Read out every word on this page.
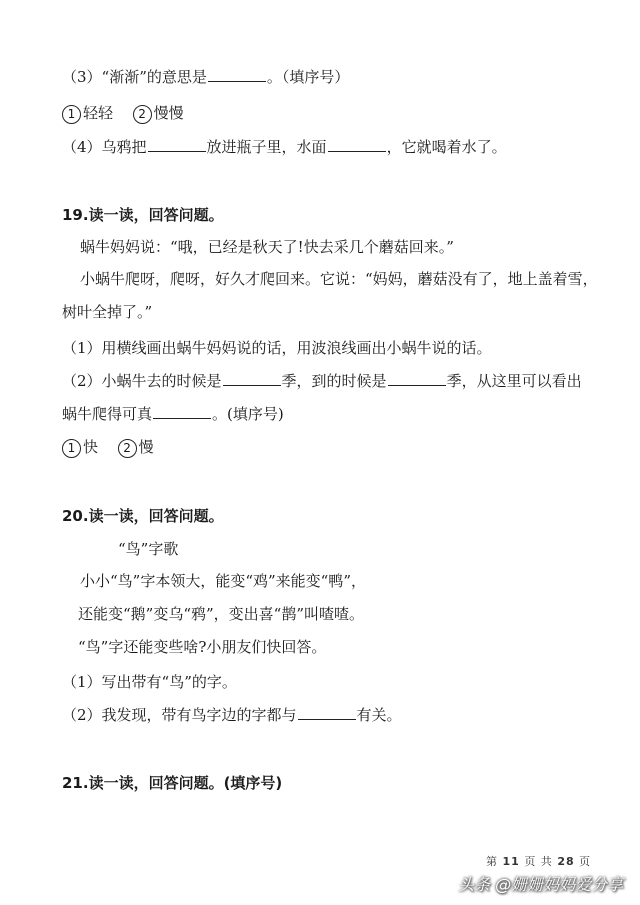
（3）“渐渐”的意思是	。（填序号）
1 轻轻 2 慢慢
（4）乌鸦把	放进瓶子里，水面	，它就喝着水了。
19.读一读，回答问题。
蜗牛妈妈说：“哦，已经是秋天了!快去采几个蘑菇回来。”
小蜗牛爬呀，爬呀，好久才爬回来。它说：“妈妈，蘑菇没有了，地上盖着雪，
树叶全掉了。”
（1）用横线画出蜗牛妈妈说的话，用波浪线画出小蜗牛说的话。
（2）小蜗牛去的时候是	季，到的时候是	季，从这里可以看出
蜗牛爬得可真	。(填序号)
1 快 2 慢
20.读一读，回答问题。
“鸟”字歌
小小“鸟”字本领大，能变“鸡”来能变“鸭”，
还能变“鹅”变乌“鸦”，变出喜“鹊”叫喳喳。
“鸟”字还能变些啥?小朋友们快回答。
（1）写出带有“鸟”的字。
（2）我发现，带有鸟字边的字都与	有关。
21.读一读，回答问题。(填序号)
第 11 页 共 28 页
头条 @姗姗妈妈爱分享
